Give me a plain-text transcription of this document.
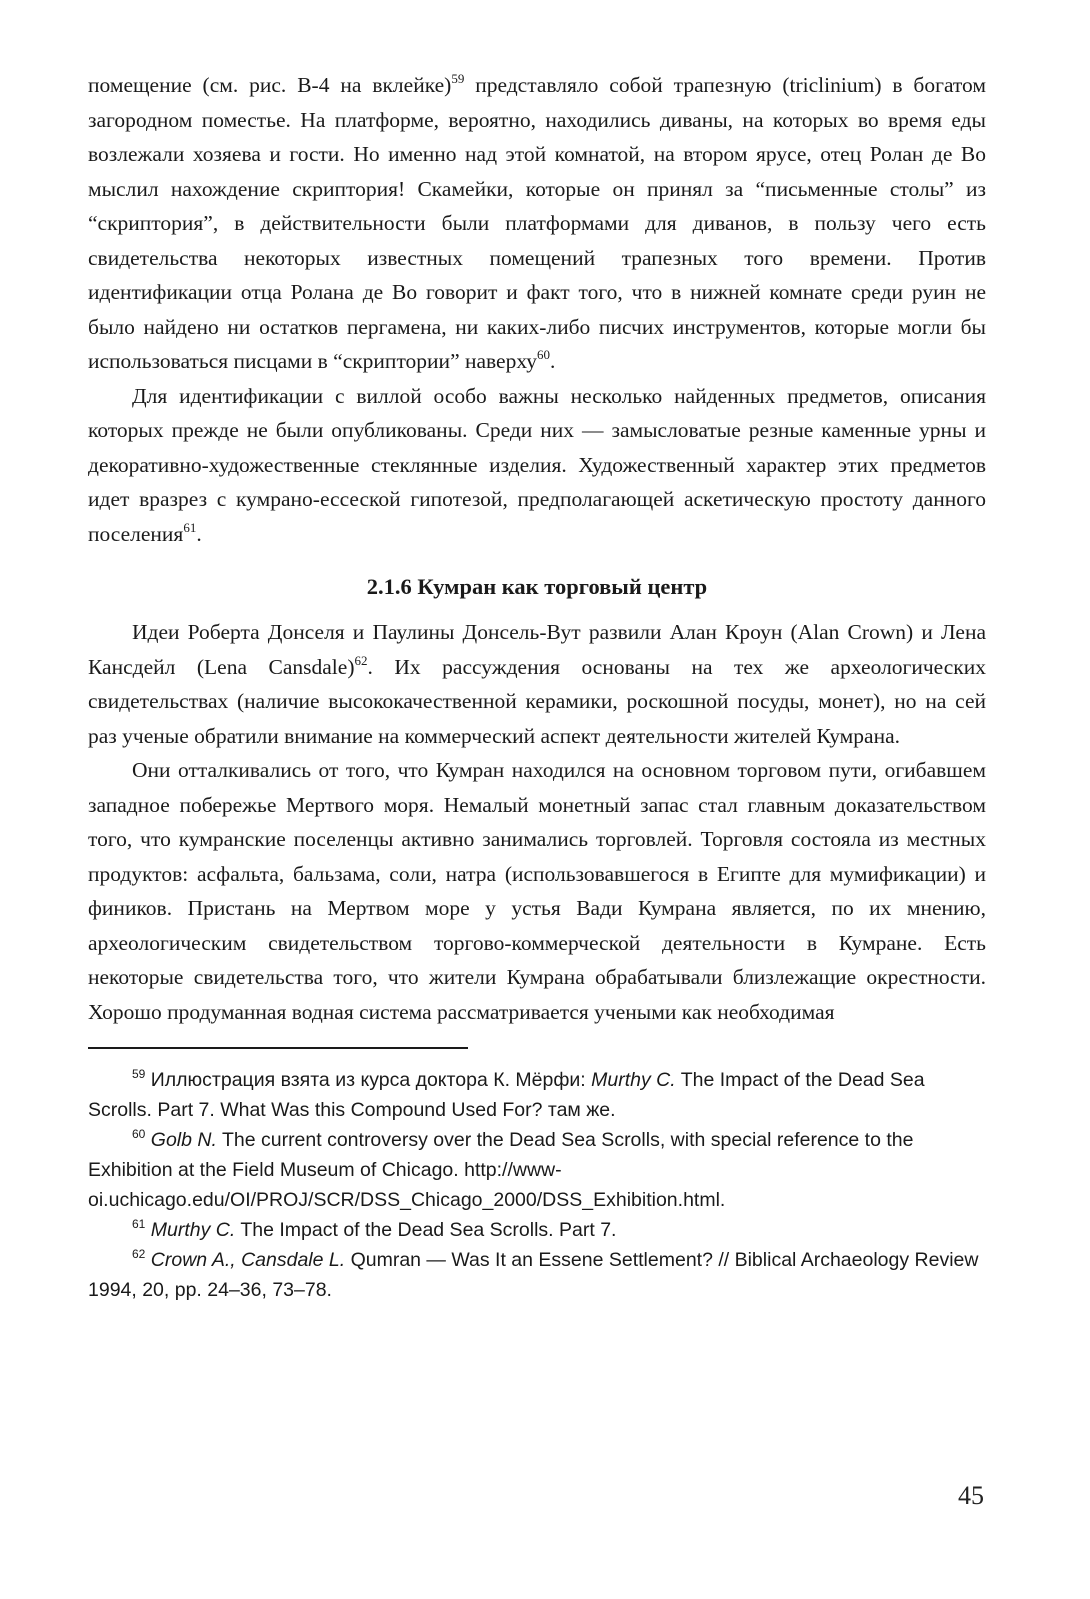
помещение (см. рис. В-4 на вклейке)$^{59}$ представляло собой трапезную (triclinium) в богатом загородном поместье. На платформе, вероятно, находились диваны, на которых во время еды возлежали хозяева и гости. Но именно над этой комнатой, на втором ярусе, отец Ролан де Во мыслил нахождение скриптория! Скамейки, которые он принял за “письменные столы” из “скриптория”, в действительности были платформами для диванов, в пользу чего есть свидетельства некоторых известных помещений трапезных того времени. Против идентификации отца Ролана де Во говорит и факт того, что в нижней комнате среди руин не было найдено ни остатков пергамена, ни каких-либо писчих инструментов, которые могли бы использоваться писцами в “скриптории” наверху$^{60}$.

Для идентификации с виллой особо важны несколько найденных предметов, описания которых прежде не были опубликованы. Среди них — замысловатые резные каменные урны и декоративно-художественные стеклянные изделия. Художественный характер этих предметов идет вразрез с кумрано-ессеской гипотезой, предполагающей аскетическую простоту данного поселения$^{61}$.

2.1.6 Кумран как торговый центр

Идеи Роберта Донселя и Паулины Донсель-Вут развили Алан Кроун (Alan Crown) и Лена Кансдейл (Lena Cansdale)$^{62}$. Их рассуждения основаны на тех же археологических свидетельствах (наличие высококачественной керамики, роскошной посуды, монет), но на сей раз ученые обратили внимание на коммерческий аспект деятельности жителей Кумрана.

Они отталкивались от того, что Кумран находился на основном торговом пути, огибавшем западное побережье Мертвого моря. Немалый монетный запас стал главным доказательством того, что кумранские поселенцы активно занимались торговлей. Торговля состояла из местных продуктов: асфальта, бальзама, соли, натра (использовавшегося в Египте для мумификации) и фиников. Пристань на Мертвом море у устья Вади Кумрана является, по их мнению, археологическим свидетельством торгово-коммерческой деятельности в Кумране. Есть некоторые свидетельства того, что жители Кумрана обрабатывали близлежащие окрестности. Хорошо продуманная водная система рассматривается учеными как необходимая

$^{59}$ Иллюстрация взята из курса доктора К. Мёрфи: Murthy C. The Impact of the Dead Sea Scrolls. Part 7. What Was this Compound Used For? там же.

$^{60}$ Golb N. The current controversy over the Dead Sea Scrolls, with special reference to the Exhibition at the Field Museum of Chicago. http://www-oi.uchicago.edu/OI/PROJ/SCR/DSS_Chicago_2000/DSS_Exhibition.html.

$^{61}$ Murthy C. The Impact of the Dead Sea Scrolls. Part 7.

$^{62}$ Crown A., Cansdale L. Qumran — Was It an Essene Settlement? // Biblical Archaeology Review 1994, 20, pp. 24–36, 73–78.

45
